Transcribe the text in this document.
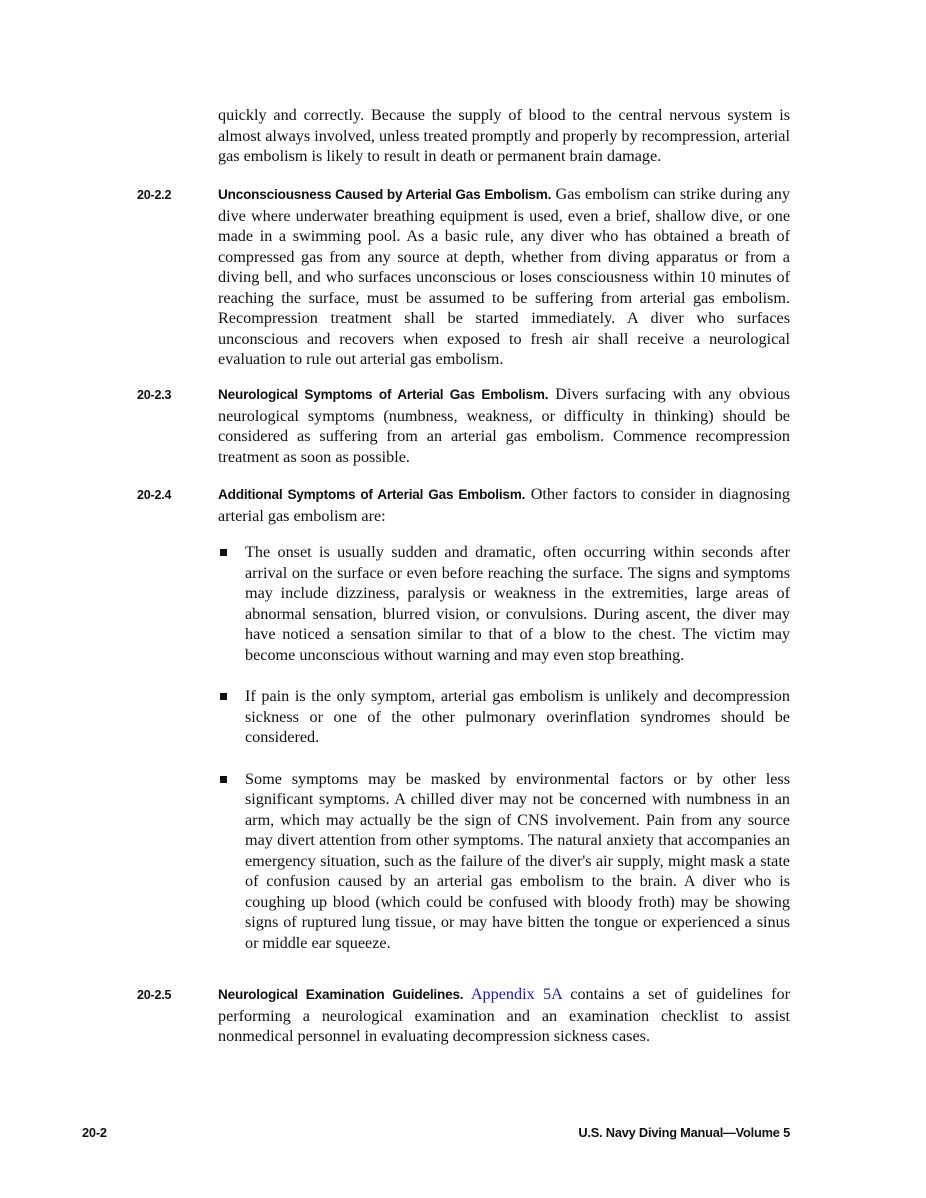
quickly and correctly. Because the supply of blood to the central nervous system is almost always involved, unless treated promptly and properly by recompression, arterial gas embolism is likely to result in death or permanent brain damage.

20-2.2	Unconsciousness Caused by Arterial Gas Embolism. Gas embolism can strike during any dive where underwater breathing equipment is used, even a brief, shallow dive, or one made in a swimming pool. As a basic rule, any diver who has obtained a breath of compressed gas from any source at depth, whether from diving apparatus or from a diving bell, and who surfaces unconscious or loses consciousness within 10 minutes of reaching the surface, must be assumed to be suffering from arterial gas embolism. Recompression treatment shall be started immediately. A diver who surfaces unconscious and recovers when exposed to fresh air shall receive a neurological evaluation to rule out arterial gas embolism.
20-2.3	Neurological Symptoms of Arterial Gas Embolism. Divers surfacing with any obvious neurological symptoms (numbness, weakness, or difficulty in thinking) should be considered as suffering from an arterial gas embolism. Commence recompression treatment as soon as possible.
20-2.4	Additional Symptoms of Arterial Gas Embolism. Other factors to consider in diagnosing arterial gas embolism are:
The onset is usually sudden and dramatic, often occurring within seconds after arrival on the surface or even before reaching the surface. The signs and symptoms may include dizziness, paralysis or weakness in the extremities, large areas of abnormal sensation, blurred vision, or convulsions. During ascent, the diver may have noticed a sensation similar to that of a blow to the chest. The victim may become unconscious without warning and may even stop breathing.
If pain is the only symptom, arterial gas embolism is unlikely and decompression sickness or one of the other pulmonary overinflation syndromes should be considered.
Some symptoms may be masked by environmental factors or by other less significant symptoms. A chilled diver may not be concerned with numbness in an arm, which may actually be the sign of CNS involvement. Pain from any source may divert attention from other symptoms. The natural anxiety that accompanies an emergency situation, such as the failure of the diver's air supply, might mask a state of confusion caused by an arterial gas embolism to the brain. A diver who is coughing up blood (which could be confused with bloody froth) may be showing signs of ruptured lung tissue, or may have bitten the tongue or experienced a sinus or middle ear squeeze.
20-2.5	Neurological Examination Guidelines. Appendix 5A contains a set of guidelines for performing a neurological examination and an examination checklist to assist nonmedical personnel in evaluating decompression sickness cases.
20-2	U.S. Navy Diving Manual—Volume 5
